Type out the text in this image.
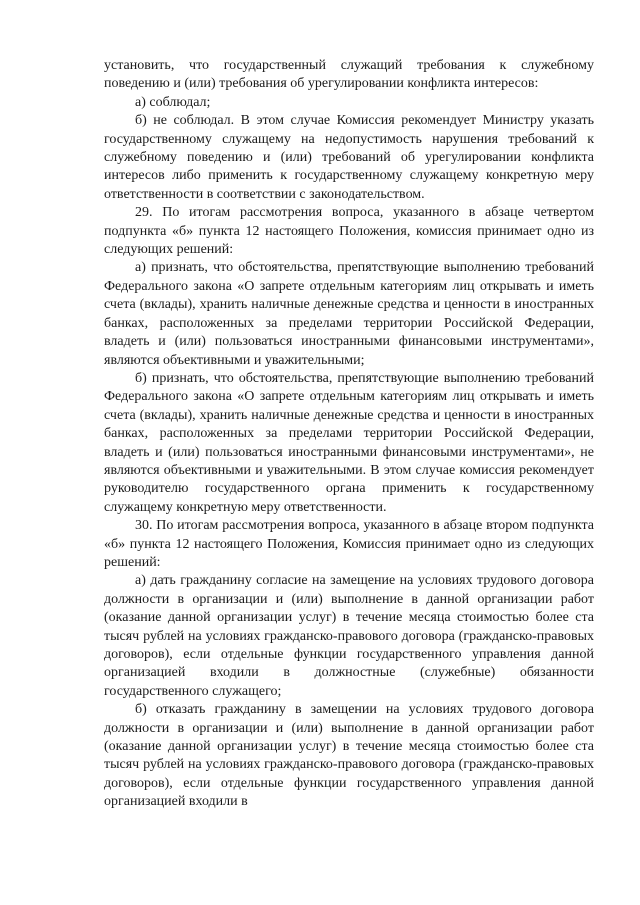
установить, что государственный служащий требования к служебному поведению и (или) требования об урегулировании конфликта интересов:

а) соблюдал;

б) не соблюдал. В этом случае Комиссия рекомендует Министру указать государственному служащему на недопустимость нарушения требований к служебному поведению и (или) требований об урегулировании конфликта интересов либо применить к государственному служащему конкретную меру ответственности в соответствии с законодательством.

29. По итогам рассмотрения вопроса, указанного в абзаце четвертом подпункта «б» пункта 12 настоящего Положения, комиссия принимает одно из следующих решений:

а) признать, что обстоятельства, препятствующие выполнению требований Федерального закона «О запрете отдельным категориям лиц открывать и иметь счета (вклады), хранить наличные денежные средства и ценности в иностранных банках, расположенных за пределами территории Российской Федерации, владеть и (или) пользоваться иностранными финансовыми инструментами», являются объективными и уважительными;

б) признать, что обстоятельства, препятствующие выполнению требований Федерального закона «О запрете отдельным категориям лиц открывать и иметь счета (вклады), хранить наличные денежные средства и ценности в иностранных банках, расположенных за пределами территории Российской Федерации, владеть и (или) пользоваться иностранными финансовыми инструментами», не являются объективными и уважительными. В этом случае комиссия рекомендует руководителю государственного органа применить к государственному служащему конкретную меру ответственности.

30. По итогам рассмотрения вопроса, указанного в абзаце втором подпункта «б» пункта 12 настоящего Положения, Комиссия принимает одно из следующих решений:

а) дать гражданину согласие на замещение на условиях трудового договора должности в организации и (или) выполнение в данной организации работ (оказание данной организации услуг) в течение месяца стоимостью более ста тысяч рублей на условиях гражданско-правового договора (гражданско-правовых договоров), если отдельные функции государственного управления данной организацией входили в должностные (служебные) обязанности государственного служащего;

б) отказать гражданину в замещении на условиях трудового договора должности в организации и (или) выполнение в данной организации работ (оказание данной организации услуг) в течение месяца стоимостью более ста тысяч рублей на условиях гражданско-правового договора (гражданско-правовых договоров), если отдельные функции государственного управления данной организацией входили в
